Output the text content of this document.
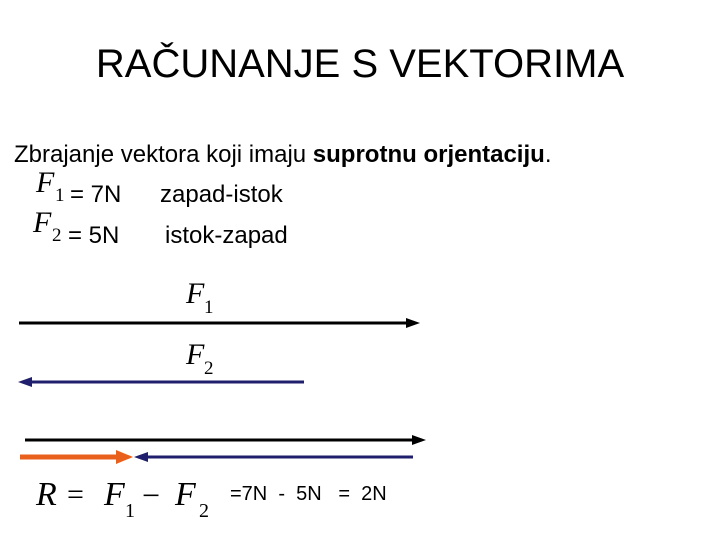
RAČUNANJE S VEKTORIMA
Zbrajanje vektora koji imaju suprotnu orjentaciju.
F 1 = 7N zapad-istok
F 2 = 5N istok-zapad
F 1
F 2
R = F 1 − F 2
=7N  -  5N   =  2N
